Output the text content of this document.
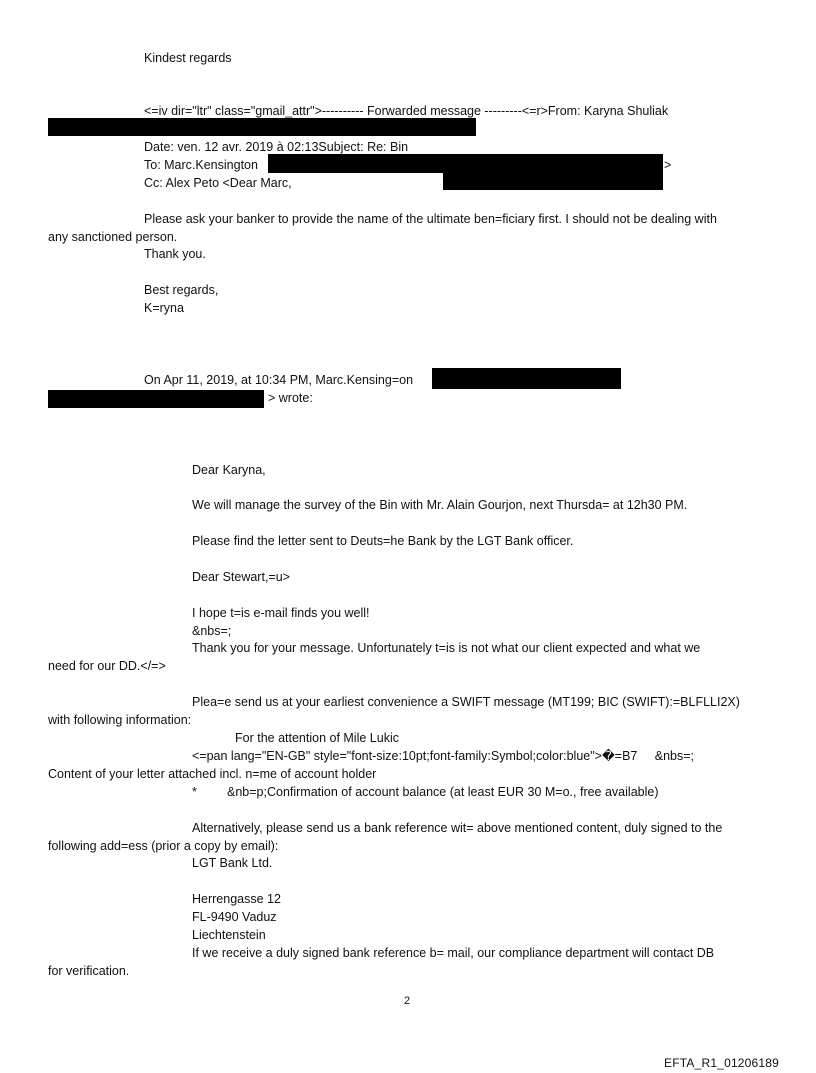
Kindest regards
<=iv dir="ltr" class="gmail_attr">---------- Forwarded message ---------<=r>From: Karyna Shuliak
Date: ven. 12 avr. 2019 à 02:13Subject: Re: Bin
To: Marc.Kensington	>
Cc: Alex Peto <Dear Marc,
Please ask your banker to provide the name of the ultimate ben=ficiary first. I should not be dealing with
any sanctioned person.
Thank you.
Best regards,
K=ryna
On Apr 11, 2019, at 10:34 PM, Marc.Kensing=on
> wrote:
Dear Karyna,
We will manage the survey of the Bin with Mr. Alain Gourjon, next Thursda= at 12h30 PM.
Please find the letter sent to Deuts=he Bank by the LGT Bank officer.
Dear Stewart,=u>
I hope t=is e-mail finds you well!
&nbs=;
Thank you for your message. Unfortunately t=is is not what our client expected and what we
need for our DD.</=>
Plea=e send us at your earliest convenience a SWIFT message (MT199; BIC (SWIFT):=BLFLLI2X)
with following information:
For the attention of Mile Lukic
<=pan lang="EN-GB" style="font-size:10pt;font-family:Symbol;color:blue">�=B7     &nbs=;
Content of your letter attached incl. n=me of account holder
* &nb=p;Confirmation of account balance (at least EUR 30 M=o., free available)
Alternatively, please send us a bank reference wit= above mentioned content, duly signed to the
following add=ess (prior a copy by email):
LGT Bank Ltd.
Herrengasse 12
FL-9490 Vaduz
Liechtenstein
If we receive a duly signed bank reference b= mail, our compliance department will contact DB
for verification.
2
EFTA_R1_01206189
